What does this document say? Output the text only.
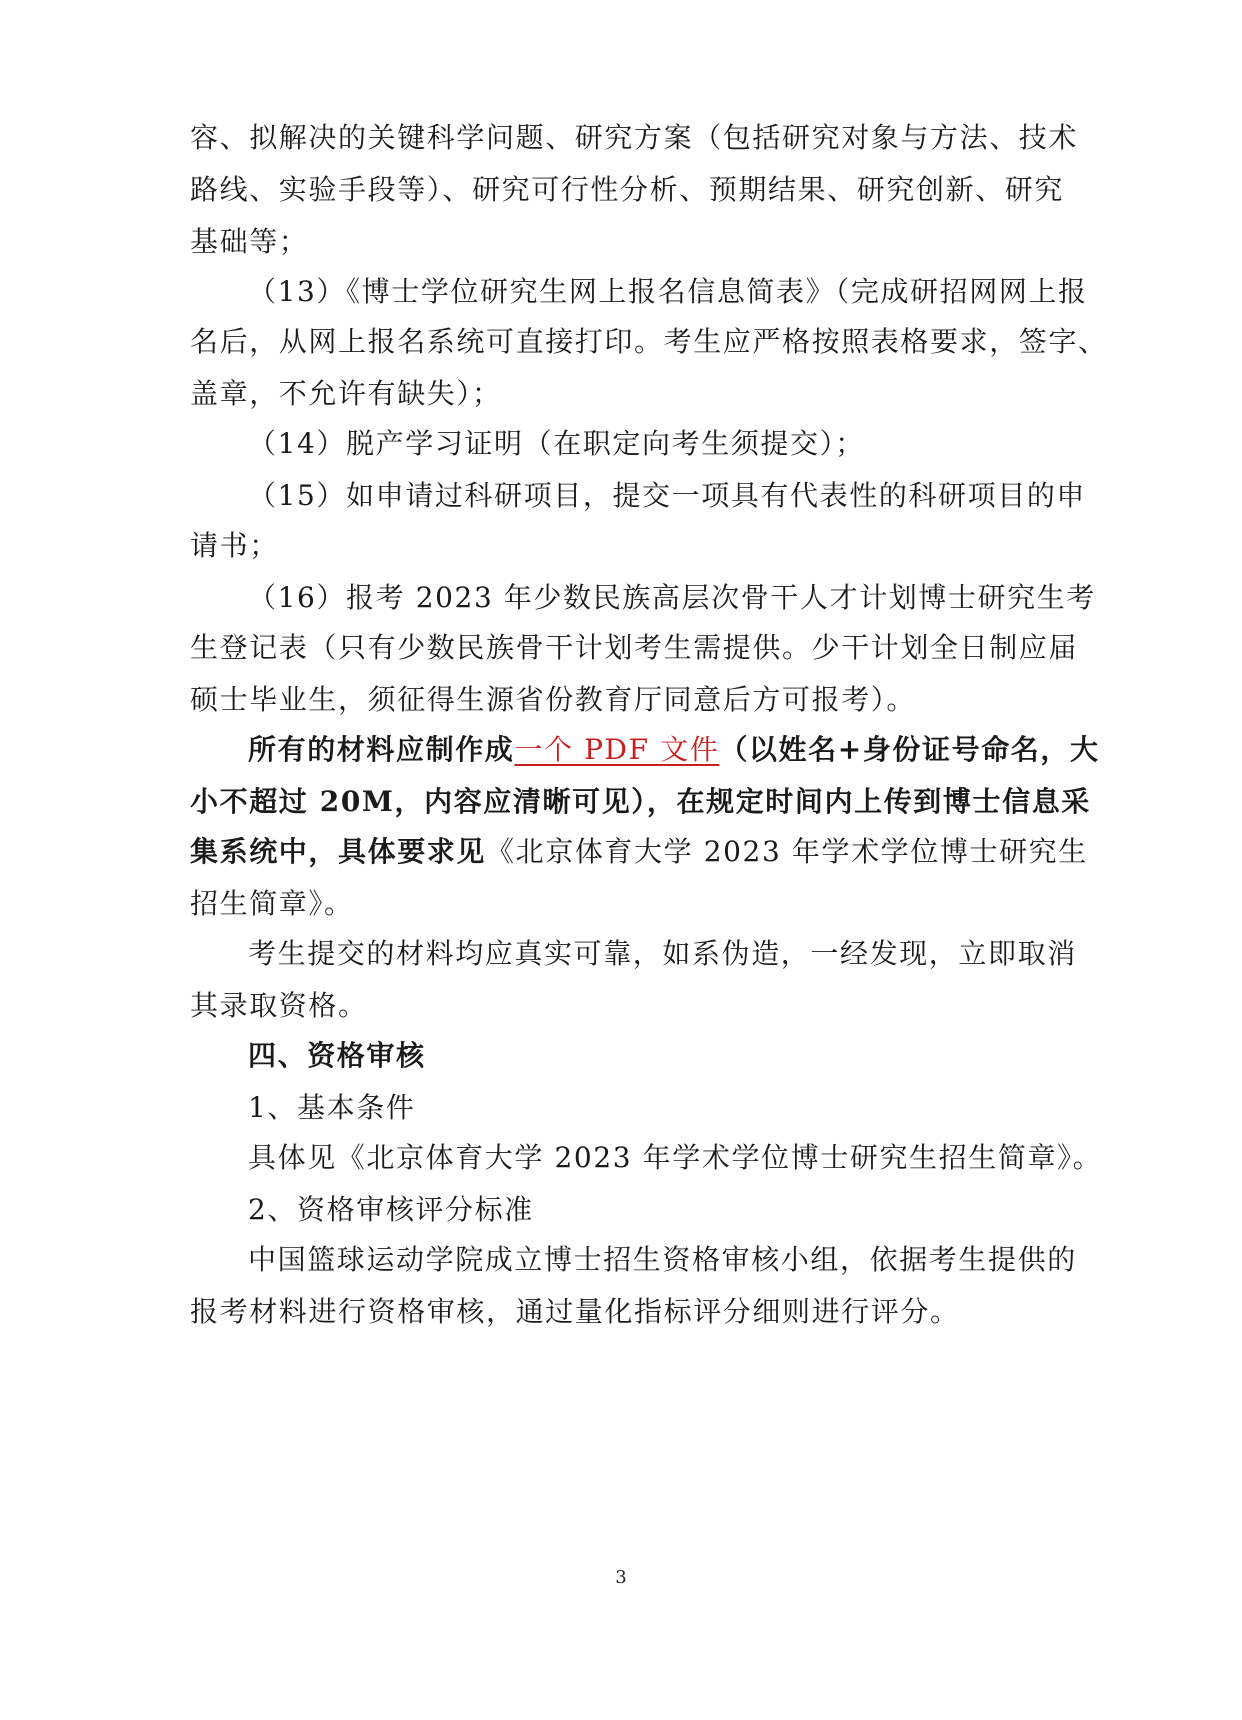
容、拟解决的关键科学问题、研究方案（包括研究对象与方法、技术
路线、实验手段等）、研究可行性分析、预期结果、研究创新、研究
基础等；
（13）《博士学位研究生网上报名信息简表》（完成研招网网上报
名后，从网上报名系统可直接打印。考生应严格按照表格要求，签字、
盖章，不允许有缺失）；
（14）脱产学习证明（在职定向考生须提交）；
（15）如申请过科研项目，提交一项具有代表性的科研项目的申
请书；
（16）报考 2023 年少数民族高层次骨干人才计划博士研究生考
生登记表（只有少数民族骨干计划考生需提供。少干计划全日制应届
硕士毕业生，须征得生源省份教育厅同意后方可报考）。
所有的材料应制作成一个 PDF 文件（以姓名+身份证号命名，大
小不超过 20M，内容应清晰可见），在规定时间内上传到博士信息采
集系统中，具体要求见《北京体育大学 2023 年学术学位博士研究生
招生简章》。
考生提交的材料均应真实可靠，如系伪造，一经发现，立即取消
其录取资格。
四、资格审核
1、基本条件
具体见《北京体育大学 2023 年学术学位博士研究生招生简章》。
2、资格审核评分标准
中国篮球运动学院成立博士招生资格审核小组，依据考生提供的
报考材料进行资格审核，通过量化指标评分细则进行评分。
3
